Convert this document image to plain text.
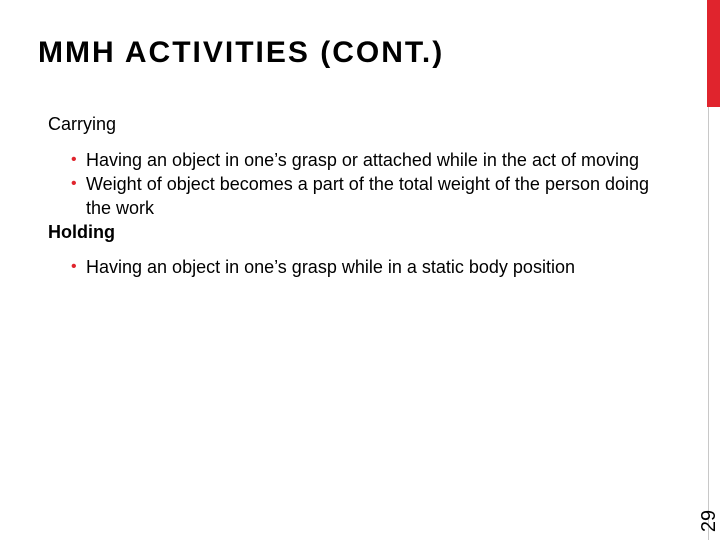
MMH ACTIVITIES (CONT.)
29

Carrying

• Having an object in one’s grasp or attached while in the act of moving
• Weight of object becomes a part of the total weight of the person doing the work

Holding

• Having an object in one’s grasp while in a static body position
